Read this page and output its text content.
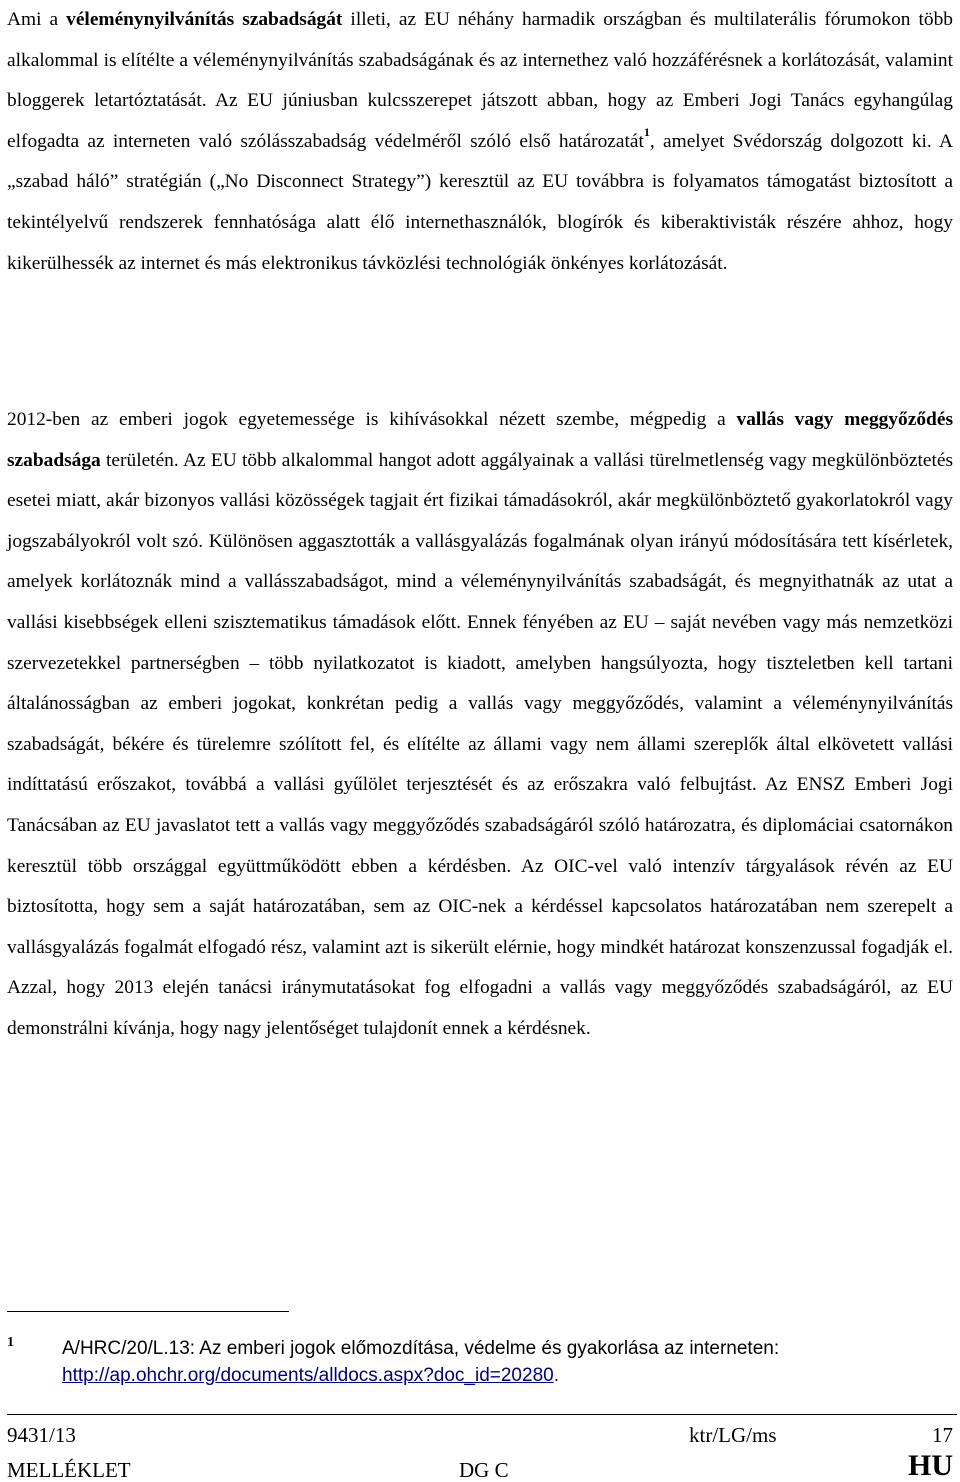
Ami a véleménynyilvánítás szabadságát illeti, az EU néhány harmadik országban és multilaterális fórumokon több alkalommal is elítélte a véleménynyilvánítás szabadságának és az internethez való hozzáférésnek a korlátozását, valamint bloggerek letartóztatását. Az EU júniusban kulcsszerepet játszott abban, hogy az Emberi Jogi Tanács egyhangúlag elfogadta az interneten való szólásszabadság védelméről szóló első határozatát$^1$, amelyet Svédország dolgozott ki. A „szabad háló” stratégián („No Disconnect Strategy”) keresztül az EU továbbra is folyamatos támogatást biztosított a tekintélyelvű rendszerek fennhatósága alatt élő internethasználók, blogírók és kiberaktivisták részére ahhoz, hogy kikerülhessék az internet és más elektronikus távközlési technológiák önkényes korlátozását.

2012-ben az emberi jogok egyetemessége is kihívásokkal nézett szembe, mégpedig a vallás vagy meggyőződés szabadsága területén. Az EU több alkalommal hangot adott aggályainak a vallási türelmetlenség vagy megkülönböztetés esetei miatt, akár bizonyos vallási közösségek tagjait ért fizikai támadásokról, akár megkülönböztető gyakorlatokról vagy jogszabályokról volt szó. Különösen aggasztották a vallásgyalázás fogalmának olyan irányú módosítására tett kísérletek, amelyek korlátoznák mind a vallásszabadságot, mind a véleménynyilvánítás szabadságát, és megnyithatnák az utat a vallási kisebbségek elleni szisztematikus támadások előtt. Ennek fényében az EU – saját nevében vagy más nemzetközi szervezetekkel partnerségben – több nyilatkozatot is kiadott, amelyben hangsúlyozta, hogy tiszteletben kell tartani általánosságban az emberi jogokat, konkrétan pedig a vallás vagy meggyőződés, valamint a véleménynyilvánítás szabadságát, békére és türelemre szólított fel, és elítélte az állami vagy nem állami szereplők által elkövetett vallási indíttatású erőszakot, továbbá a vallási gyűlölet terjesztését és az erőszakra való felbujtást. Az ENSZ Emberi Jogi Tanácsában az EU javaslatot tett a vallás vagy meggyőződés szabadságáról szóló határozatra, és diplomáciai csatornákon keresztül több országgal együttműködött ebben a kérdésben. Az OIC-vel való intenzív tárgyalások révén az EU biztosította, hogy sem a saját határozatában, sem az OIC-nek a kérdéssel kapcsolatos határozatában nem szerepelt a vallásgyalázás fogalmát elfogadó rész, valamint azt is sikerült elérnie, hogy mindkét határozat konszenzussal fogadják el. Azzal, hogy 2013 elején tanácsi iránymutatásokat fog elfogadni a vallás vagy meggyőződés szabadságáról, az EU demonstrálni kívánja, hogy nagy jelentőséget tulajdonít ennek a kérdésnek.

1	A/HRC/20/L.13: Az emberi jogok előmozdítása, védelme és gyakorlása az interneten: http://ap.ohchr.org/documents/alldocs.aspx?doc_id=20280.
9431/13	ktr/LG/ms	17
MELLÉKLET	DG C	HU
